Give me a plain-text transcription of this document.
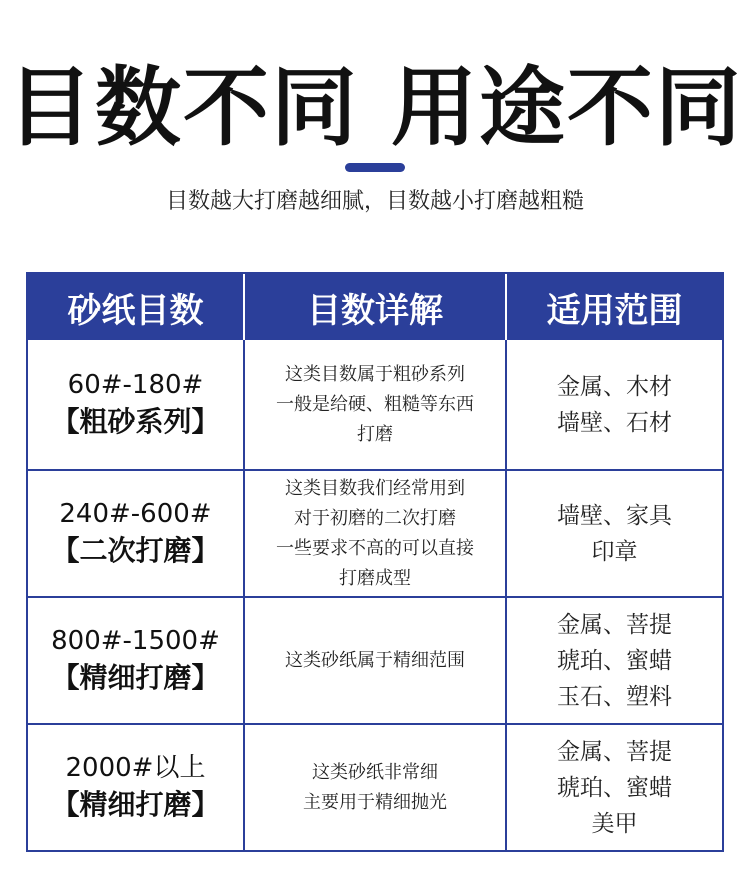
目数不同 用途不同
目数越大打磨越细腻，目数越小打磨越粗糙
砂纸目数	目数详解	适用范围
60#-180#
【粗砂系列】
这类目数属于粗砂系列
一般是给硬、粗糙等东西
打磨
金属、木材
墙壁、石材
240#-600#
【二次打磨】
这类目数我们经常用到
对于初磨的二次打磨
一些要求不高的可以直接
打磨成型
墙壁、家具
印章
800#-1500#
【精细打磨】
这类砂纸属于精细范围
金属、菩提
琥珀、蜜蜡
玉石、塑料
2000#以上
【精细打磨】
这类砂纸非常细
主要用于精细抛光
金属、菩提
琥珀、蜜蜡
美甲
